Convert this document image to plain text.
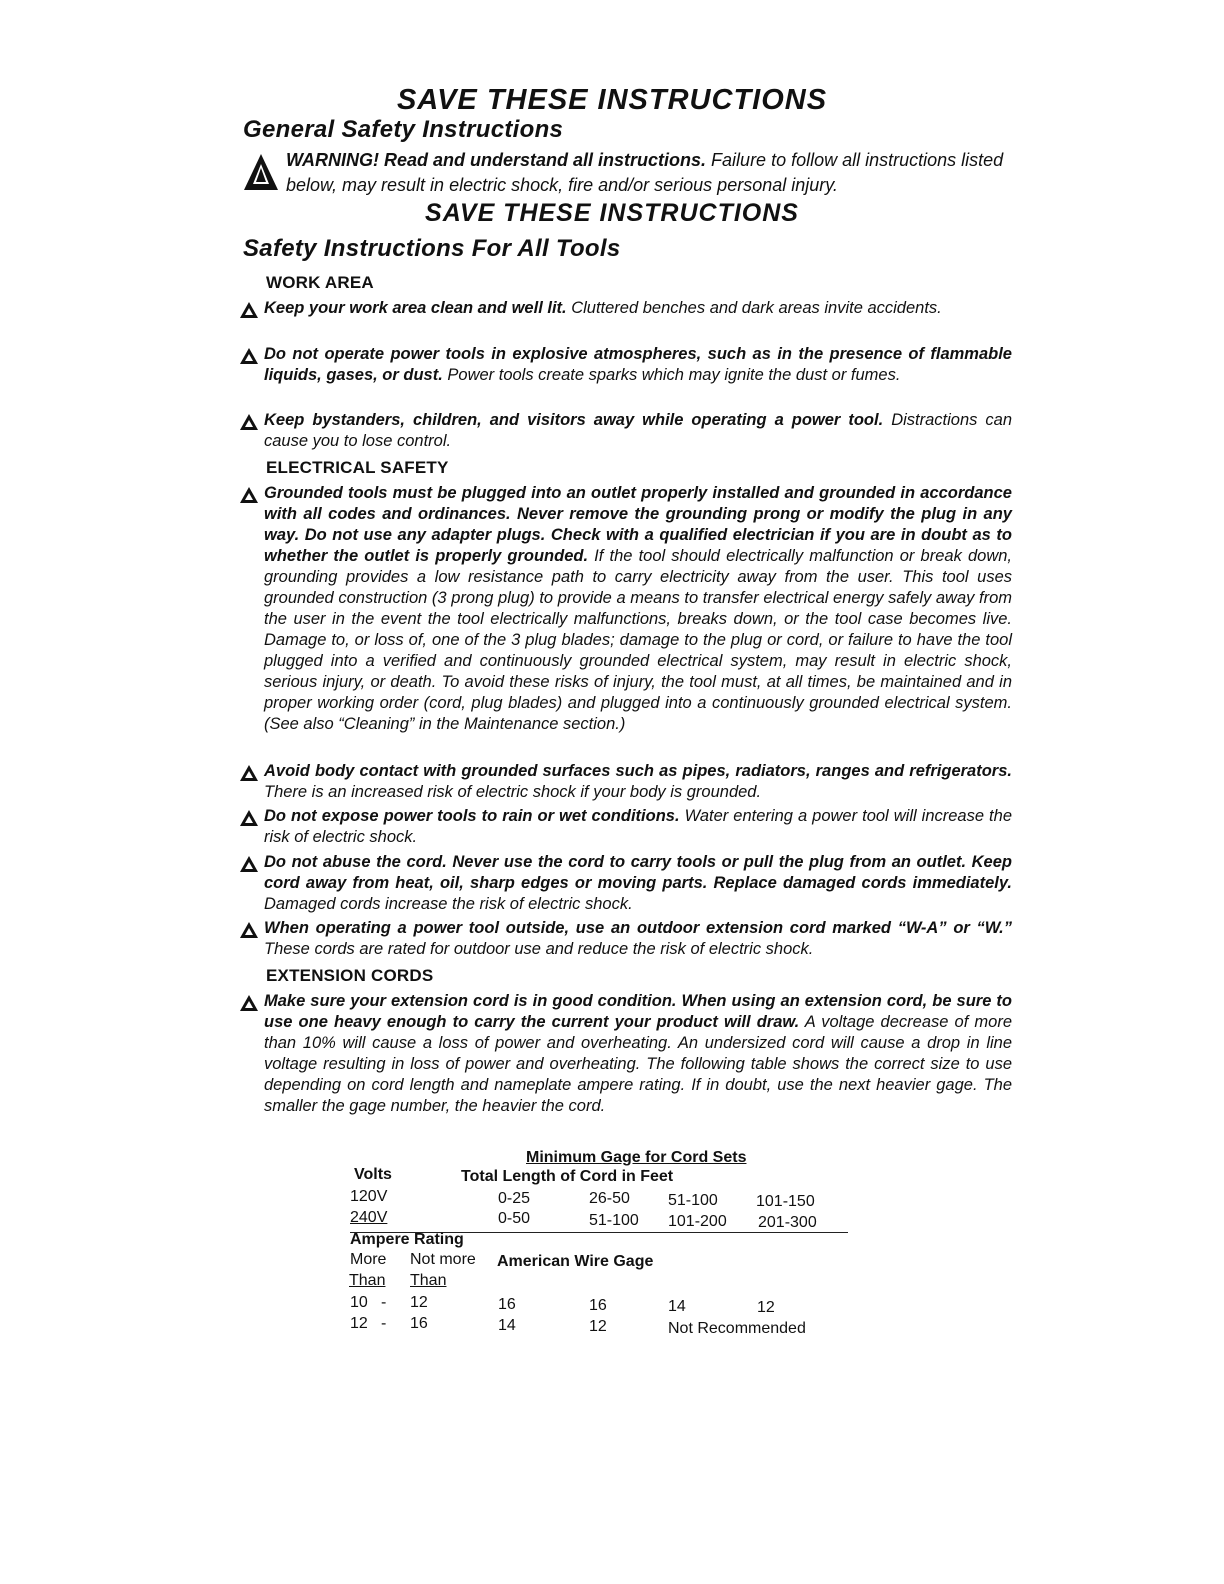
SAVE THESE INSTRUCTIONS
General Safety Instructions
WARNING! Read and understand all instructions. Failure to follow all instructions listed below, may result in electric shock, fire and/or serious personal injury.
SAVE THESE INSTRUCTIONS
Safety Instructions For All Tools
WORK AREA
Keep your work area clean and well lit. Cluttered benches and dark areas invite accidents.
Do not operate power tools in explosive atmospheres, such as in the presence of flammable liquids, gases, or dust. Power tools create sparks which may ignite the dust or fumes.
Keep bystanders, children, and visitors away while operating a power tool. Distractions can cause you to lose control.
ELECTRICAL SAFETY
Grounded tools must be plugged into an outlet properly installed and grounded in accordance with all codes and ordinances. Never remove the grounding prong or modify the plug in any way. Do not use any adapter plugs. Check with a qualified electrician if you are in doubt as to whether the outlet is properly grounded. If the tool should electrically malfunction or break down, grounding provides a low resistance path to carry electricity away from the user. This tool uses grounded construction (3 prong plug) to provide a means to transfer electrical energy safely away from the user in the event the tool electrically malfunctions, breaks down, or the tool case becomes live. Damage to, or loss of, one of the 3 plug blades; damage to the plug or cord, or failure to have the tool plugged into a verified and continuously grounded electrical system, may result in electric shock, serious injury, or death. To avoid these risks of injury, the tool must, at all times, be maintained and in proper working order (cord, plug blades) and plugged into a continuously grounded electrical system. (See also “Cleaning” in the Maintenance section.)
Avoid body contact with grounded surfaces such as pipes, radiators, ranges and refrigerators. There is an increased risk of electric shock if your body is grounded.
Do not expose power tools to rain or wet conditions. Water entering a power tool will increase the risk of electric shock.
Do not abuse the cord. Never use the cord to carry tools or pull the plug from an outlet. Keep cord away from heat, oil, sharp edges or moving parts. Replace damaged cords immediately. Damaged cords increase the risk of electric shock.
When operating a power tool outside, use an outdoor extension cord marked “W-A” or “W.” These cords are rated for outdoor use and reduce the risk of electric shock.
EXTENSION CORDS
Make sure your extension cord is in good condition. When using an extension cord, be sure to use one heavy enough to carry the current your product will draw. A voltage decrease of more than 10% will cause a loss of power and overheating. An undersized cord will cause a drop in line voltage resulting in loss of power and overheating. The following table shows the correct size to use depending on cord length and nameplate ampere rating. If in doubt, use the next heavier gage. The smaller the gage number, the heavier the cord.
Minimum Gage for Cord Sets
Volts	Total Length of Cord in Feet
120V	0-25	26-50 51-100 101-150
240V	0-50	51-100 101-200 201-300
Ampere Rating
More Not more American Wire Gage
Than Than
10 - 12	16	16	14	12
12 - 16	14	12	Not Recommended
